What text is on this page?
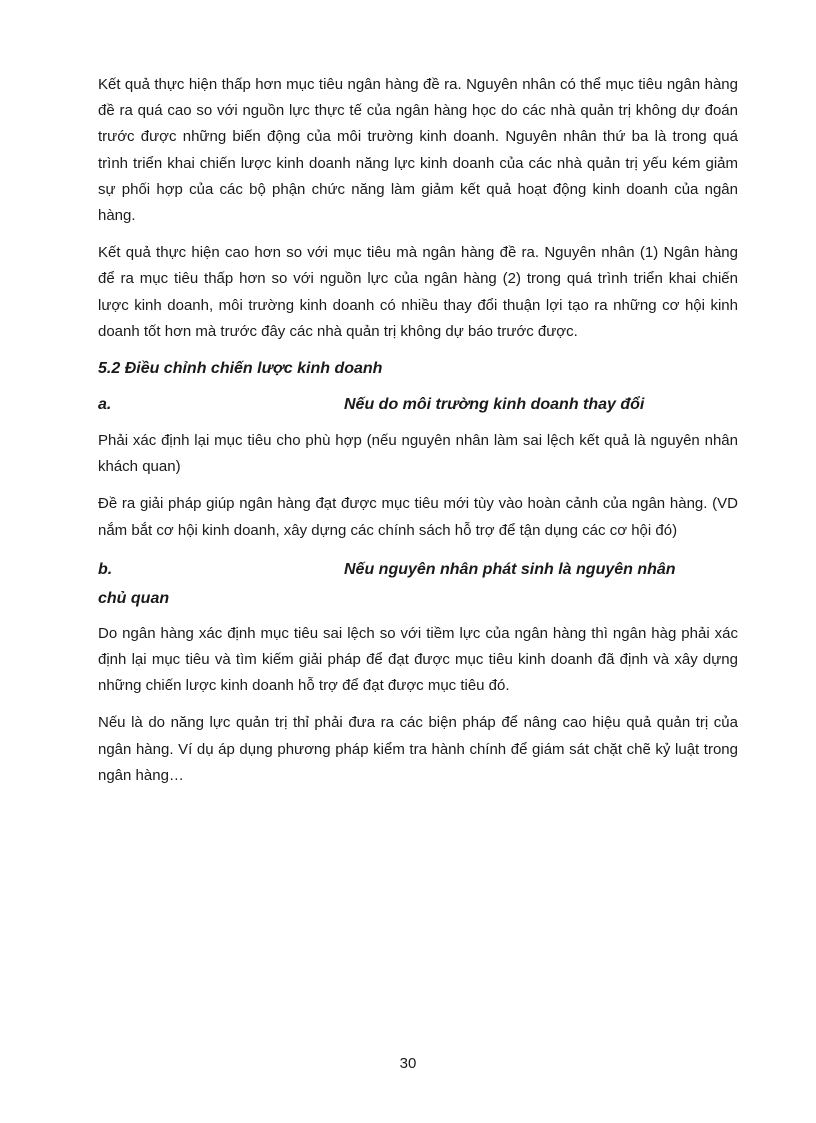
Kết quả thực hiện thấp hơn mục tiêu ngân hàng đề ra. Nguyên nhân có thể mục tiêu ngân hàng đề ra quá cao so với nguồn lực thực tế của ngân hàng học do các nhà quản trị không dự đoán trước được những biến động của môi trường kinh doanh. Nguyên nhân thứ ba là trong quá trình triển khai chiến lược kinh doanh năng lực kinh doanh của các nhà quản trị yếu kém giảm sự phối hợp của các bộ phận chức năng làm giảm kết quả hoạt động kinh doanh của ngân hàng.

Kết quả thực hiện cao hơn so với mục tiêu mà ngân hàng đề ra. Nguyên nhân (1) Ngân hàng để ra mục tiêu thấp hơn so với nguồn lực của ngân hàng (2) trong quá trình triển khai chiến lược kinh doanh, môi trường kinh doanh có nhiều thay đổi thuận lợi tạo ra những cơ hội kinh doanh tốt hơn mà trước đây các nhà quản trị không dự báo trước được.

5.2 Điều chỉnh chiến lược kinh doanh
a.	Nếu do môi trường kinh doanh thay đổi

Phải xác định lại mục tiêu cho phù hợp (nếu nguyên nhân làm sai lệch kết quả là nguyên nhân khách quan)

Đề ra giải pháp giúp ngân hàng đạt được mục tiêu mới tùy vào hoàn cảnh của ngân hàng. (VD nắm bắt cơ hội kinh doanh, xây dựng các chính sách hỗ trợ để tận dụng các cơ hội đó)

b.	Nếu nguyên nhân phát sinh là nguyên nhân
chủ quan

Do ngân hàng xác định mục tiêu sai lệch so với tiềm lực của ngân hàng thì ngân hàg phải xác định lại mục tiêu và tìm kiếm giải pháp để đạt được mục tiêu kinh doanh đã định và xây dựng những chiến lược kinh doanh hỗ trợ để đạt được mục tiêu đó.

Nếu là do năng lực quản trị thỉ phải đưa ra các biện pháp để nâng cao hiệu quả quản trị của ngân hàng. Ví dụ áp dụng phương pháp kiểm tra hành chính để giám sát chặt chẽ kỷ luật trong ngân hàng…

30
